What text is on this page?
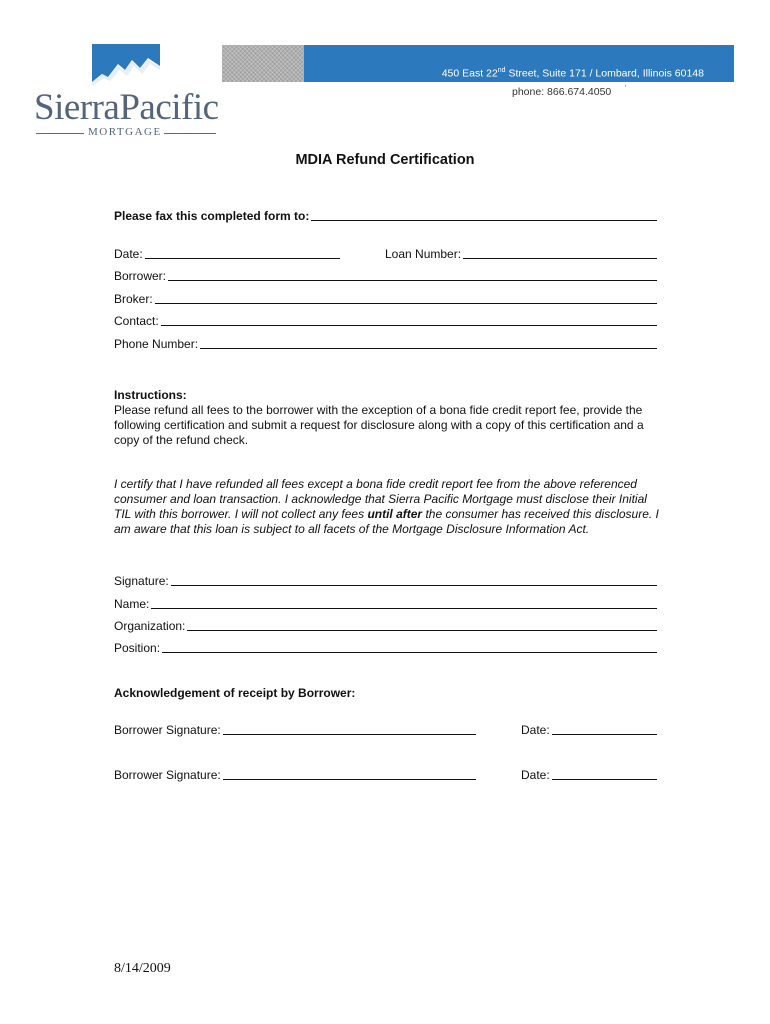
SierraPacific
MORTGAGE
450 East 22nd Street, Suite 171 / Lombard, Illinois 60148
phone: 866.674.4050 '
MDIA Refund Certification
Please fax this completed form to:
Date:	Loan Number:
Borrower:
Broker:
Contact:
Phone Number:
Instructions:
Please refund all fees to the borrower with the exception of a bona fide credit report fee, provide the following certification and submit a request for disclosure along with a copy of this certification and a copy of the refund check.
I certify that I have refunded all fees except a bona fide credit report fee from the above referenced consumer and loan transaction. I acknowledge that Sierra Pacific Mortgage must disclose their Initial TIL with this borrower. I will not collect any fees until after the consumer has received this disclosure. I am aware that this loan is subject to all facets of the Mortgage Disclosure Information Act.
Signature:
Name:
Organization:
Position:
Acknowledgement of receipt by Borrower:
Borrower Signature:	Date:
Borrower Signature:	Date:
8/14/2009
